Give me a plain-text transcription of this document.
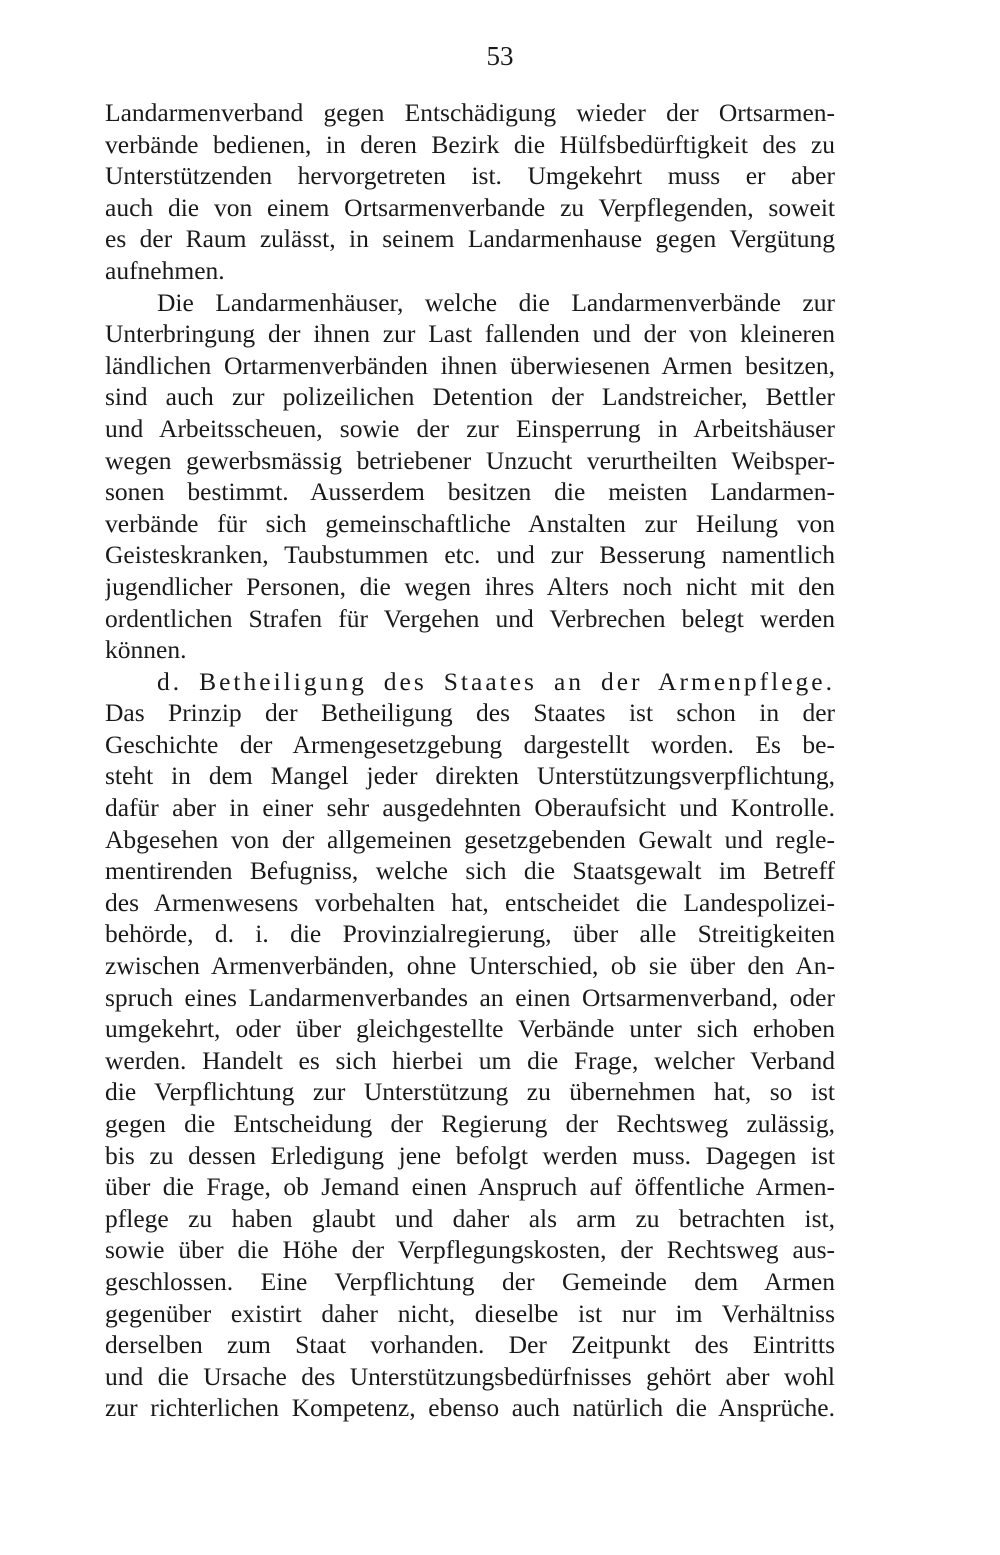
53
Landarmenverband gegen Entschädigung wieder der Ortsarmen-
verbände bedienen, in deren Bezirk die Hülfsbedürftigkeit des zu
Unterstützenden hervorgetreten ist. Umgekehrt muss er aber
auch die von einem Ortsarmenverbande zu Verpflegenden, soweit
es der Raum zulässt, in seinem Landarmenhause gegen Vergütung
aufnehmen.
Die Landarmenhäuser, welche die Landarmenverbände zur
Unterbringung der ihnen zur Last fallenden und der von kleineren
ländlichen Ortarmenverbänden ihnen überwiesenen Armen besitzen,
sind auch zur polizeilichen Detention der Landstreicher, Bettler
und Arbeitsscheuen, sowie der zur Einsperrung in Arbeitshäuser
wegen gewerbsmässig betriebener Unzucht verurtheilten Weibsper-
sonen bestimmt. Ausserdem besitzen die meisten Landarmen-
verbände für sich gemeinschaftliche Anstalten zur Heilung von
Geisteskranken, Taubstummen etc. und zur Besserung namentlich
jugendlicher Personen, die wegen ihres Alters noch nicht mit den
ordentlichen Strafen für Vergehen und Verbrechen belegt werden
können.
d. Betheiligung des Staates an der Armenpflege.
Das Prinzip der Betheiligung des Staates ist schon in der
Geschichte der Armengesetzgebung dargestellt worden. Es be-
steht in dem Mangel jeder direkten Unterstützungsverpflichtung,
dafür aber in einer sehr ausgedehnten Oberaufsicht und Kontrolle.
Abgesehen von der allgemeinen gesetzgebenden Gewalt und regle-
mentirenden Befugniss, welche sich die Staatsgewalt im Betreff
des Armenwesens vorbehalten hat, entscheidet die Landespolizei-
behörde, d. i. die Provinzialregierung, über alle Streitigkeiten
zwischen Armenverbänden, ohne Unterschied, ob sie über den An-
spruch eines Landarmenverbandes an einen Ortsarmenverband, oder
umgekehrt, oder über gleichgestellte Verbände unter sich erhoben
werden. Handelt es sich hierbei um die Frage, welcher Verband
die Verpflichtung zur Unterstützung zu übernehmen hat, so ist
gegen die Entscheidung der Regierung der Rechtsweg zulässig,
bis zu dessen Erledigung jene befolgt werden muss. Dagegen ist
über die Frage, ob Jemand einen Anspruch auf öffentliche Armen-
pflege zu haben glaubt und daher als arm zu betrachten ist,
sowie über die Höhe der Verpflegungskosten, der Rechtsweg aus-
geschlossen. Eine Verpflichtung der Gemeinde dem Armen
gegenüber existirt daher nicht, dieselbe ist nur im Verhältniss
derselben zum Staat vorhanden. Der Zeitpunkt des Eintritts
und die Ursache des Unterstützungsbedürfnisses gehört aber wohl
zur richterlichen Kompetenz, ebenso auch natürlich die Ansprüche.
